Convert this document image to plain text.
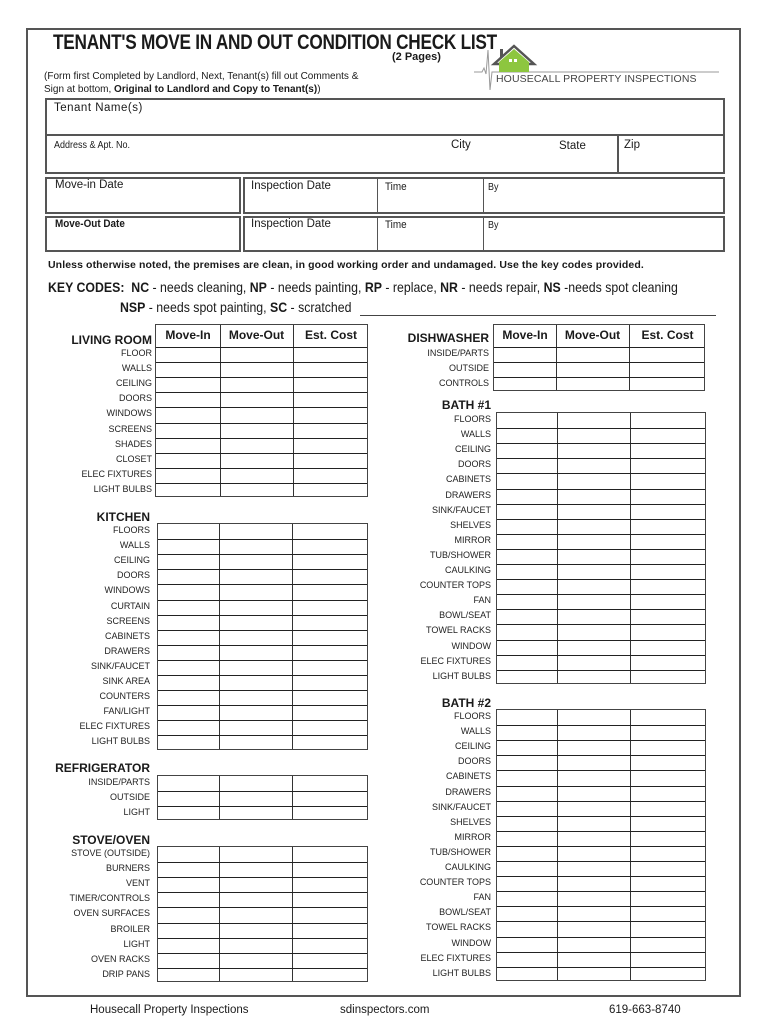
TENANT'S MOVE IN AND OUT CONDITION CHECK LIST
(2 Pages)
(Form first Completed by Landlord, Next, Tenant(s) fill out Comments &
Sign at bottom, Original to Landlord and Copy to Tenant(s))
HOUSECALL PROPERTY INSPECTIONS
Tenant Name(s)
Address & Apt. No.	City	State	Zip
Move-in Date	Inspection Date	Time	By
Move-Out Date	Inspection Date	Time	By
Unless otherwise noted, the premises are clean, in good working order and undamaged. Use the key codes provided.
KEY CODES: NC - needs cleaning, NP - needs painting, RP - replace, NR - needs repair, NS -needs spot cleaning
NSP - needs spot painting, SC - scratched
LIVING ROOM	Move-In	Move-Out	Est. Cost
FLOOR
WALLS
CEILING
DOORS
WINDOWS
SCREENS
SHADES
CLOSET
ELEC FIXTURES
LIGHT BULBS
KITCHEN
FLOORS
WALLS
CEILING
DOORS
WINDOWS
CURTAIN
SCREENS
CABINETS
DRAWERS
SINK/FAUCET
SINK AREA
COUNTERS
FAN/LIGHT
ELEC FIXTURES
LIGHT BULBS
REFRIGERATOR
INSIDE/PARTS
OUTSIDE
LIGHT
STOVE/OVEN
STOVE (OUTSIDE)
BURNERS
VENT
TIMER/CONTROLS
OVEN SURFACES
BROILER
LIGHT
OVEN RACKS
DRIP PANS
DISHWASHER	Move-In	Move-Out	Est. Cost
INSIDE/PARTS
OUTSIDE
CONTROLS
BATH #1
FLOORS
WALLS
CEILING
DOORS
CABINETS
DRAWERS
SINK/FAUCET
SHELVES
MIRROR
TUB/SHOWER
CAULKING
COUNTER TOPS
FAN
BOWL/SEAT
TOWEL RACKS
WINDOW
ELEC FIXTURES
LIGHT BULBS
BATH #2
FLOORS
WALLS
CEILING
DOORS
CABINETS
DRAWERS
SINK/FAUCET
SHELVES
MIRROR
TUB/SHOWER
CAULKING
COUNTER TOPS
FAN
BOWL/SEAT
TOWEL RACKS
WINDOW
ELEC FIXTURES
LIGHT BULBS
Housecall Property Inspections	sdinspectors.com	619-663-8740
